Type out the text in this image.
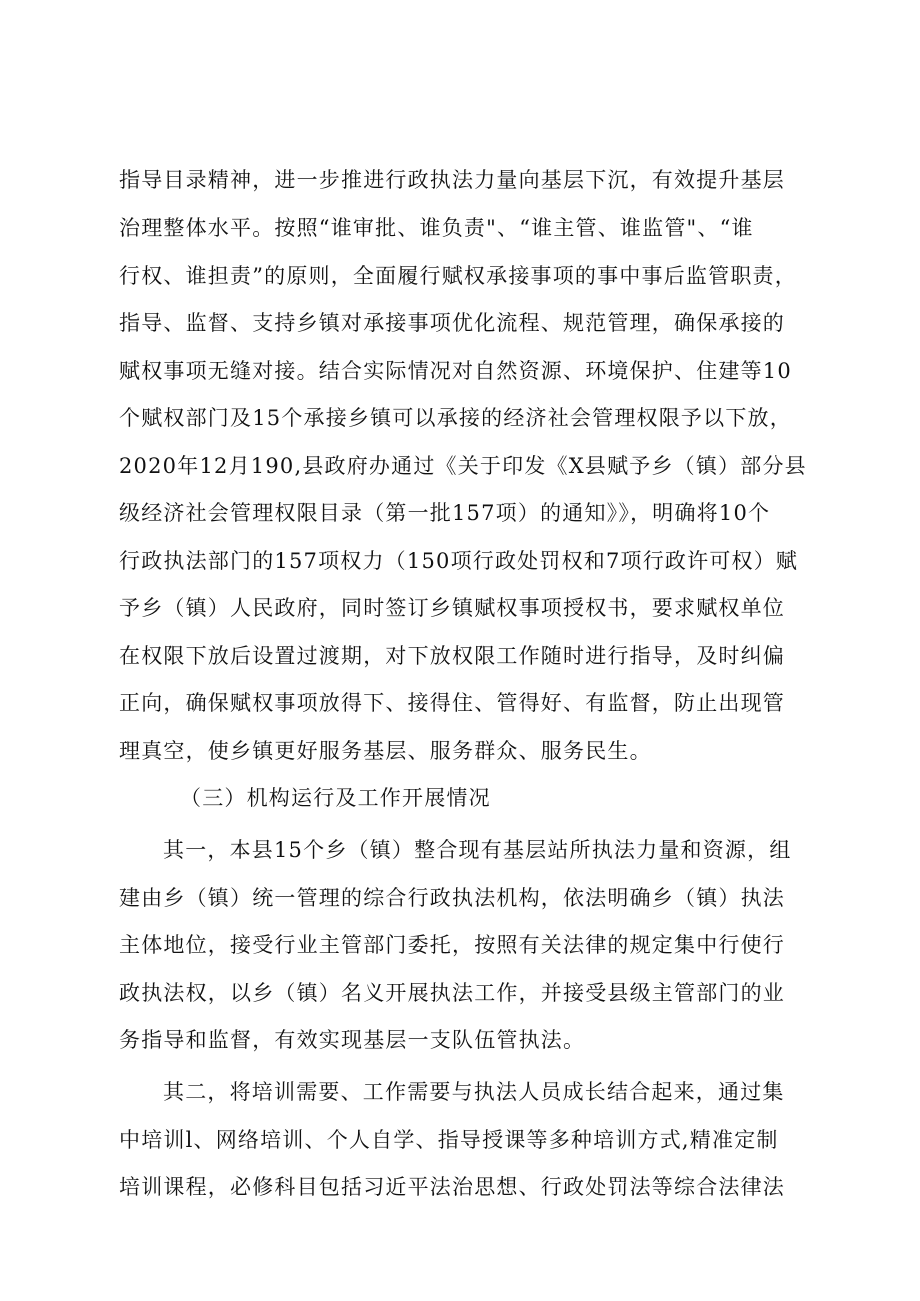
指导目录精神，进一步推进行政执法力量向基层下沉，有效提升基层
治理整体水平。按照“谁审批、谁负责"、“谁主管、谁监管"、“谁
行权、谁担责”的原则，全面履行赋权承接事项的事中事后监管职责，
指导、监督、支持乡镇对承接事项优化流程、规范管理，确保承接的
赋权事项无缝对接。结合实际情况对自然资源、环境保护、住建等10
个赋权部门及15个承接乡镇可以承接的经济社会管理权限予以下放，
2020年12月190,县政府办通过《关于印发《X县赋予乡（镇）部分县
级经济社会管理权限目录（第一批157项）的通知》》，明确将10个
行政执法部门的157项权力（150项行政处罚权和7项行政许可权）赋
予乡（镇）人民政府，同时签订乡镇赋权事项授权书，要求赋权单位
在权限下放后设置过渡期，对下放权限工作随时进行指导，及时纠偏
正向，确保赋权事项放得下、接得住、管得好、有监督，防止出现管
理真空，使乡镇更好服务基层、服务群众、服务民生。
（三）机构运行及工作开展情况
其一，本县15个乡（镇）整合现有基层站所执法力量和资源，组
建由乡（镇）统一管理的综合行政执法机构，依法明确乡（镇）执法
主体地位，接受行业主管部门委托，按照有关法律的规定集中行使行
政执法权，以乡（镇）名义开展执法工作，并接受县级主管部门的业
务指导和监督，有效实现基层一支队伍管执法。
其二，将培训需要、工作需要与执法人员成长结合起来，通过集
中培训l、网络培训、个人自学、指导授课等多种培训方式,精准定制
培训课程，必修科目包括习近平法治思想、行政处罚法等综合法律法
